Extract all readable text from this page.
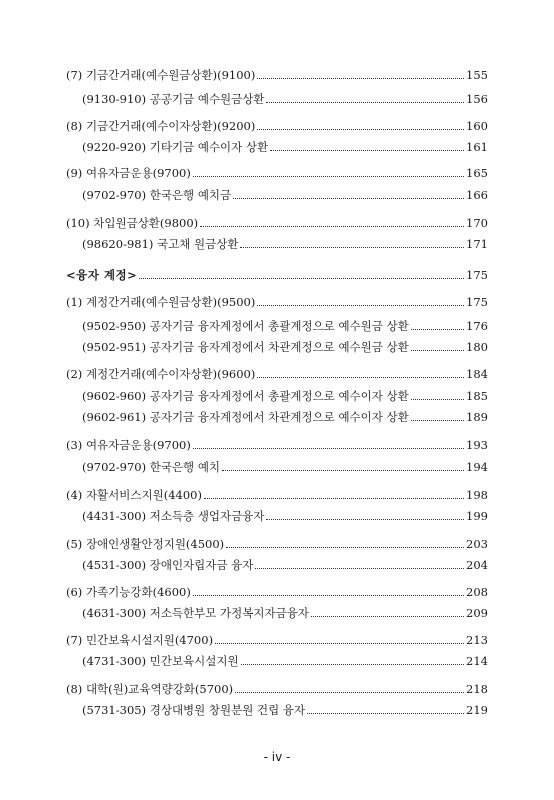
(7) 기금간거래(예수원금상환)(9100)	155
(9130-910) 공공기금 예수원금상환	156
(8) 기금간거래(예수이자상환)(9200)	160
(9220-920) 기타기금 예수이자 상환	161
(9) 여유자금운용(9700)	165
(9702-970) 한국은행 예치금	166
(10) 차입원금상환(9800)	170
(98620-981) 국고채 원금상환	171
<융자 계정>	175
(1) 계정간거래(예수원금상환)(9500)	175
(9502-950) 공자기금 융자계정에서 총괄계정으로 예수원금 상환	176
(9502-951) 공자기금 융자계정에서 차관계정으로 예수원금 상환	180
(2) 계정간거래(예수이자상환)(9600)	184
(9602-960) 공자기금 융자계정에서 총괄계정으로 예수이자 상환	185
(9602-961) 공자기금 융자계정에서 차관계정으로 예수이자 상환	189
(3) 여유자금운용(9700)	193
(9702-970) 한국은행 예치	194
(4) 자활서비스지원(4400)	198
(4431-300) 저소득층 생업자금융자	199
(5) 장애인생활안정지원(4500)	203
(4531-300) 장애인자립자금 융자	204
(6) 가족기능강화(4600)	208
(4631-300) 저소득한부모 가정복지자금융자	209
(7) 민간보육시설지원(4700)	213
(4731-300) 민간보육시설지원	214
(8) 대학(원)교육역량강화(5700)	218
(5731-305) 경상대병원 창원분원 건립 융자	219
- iv -
